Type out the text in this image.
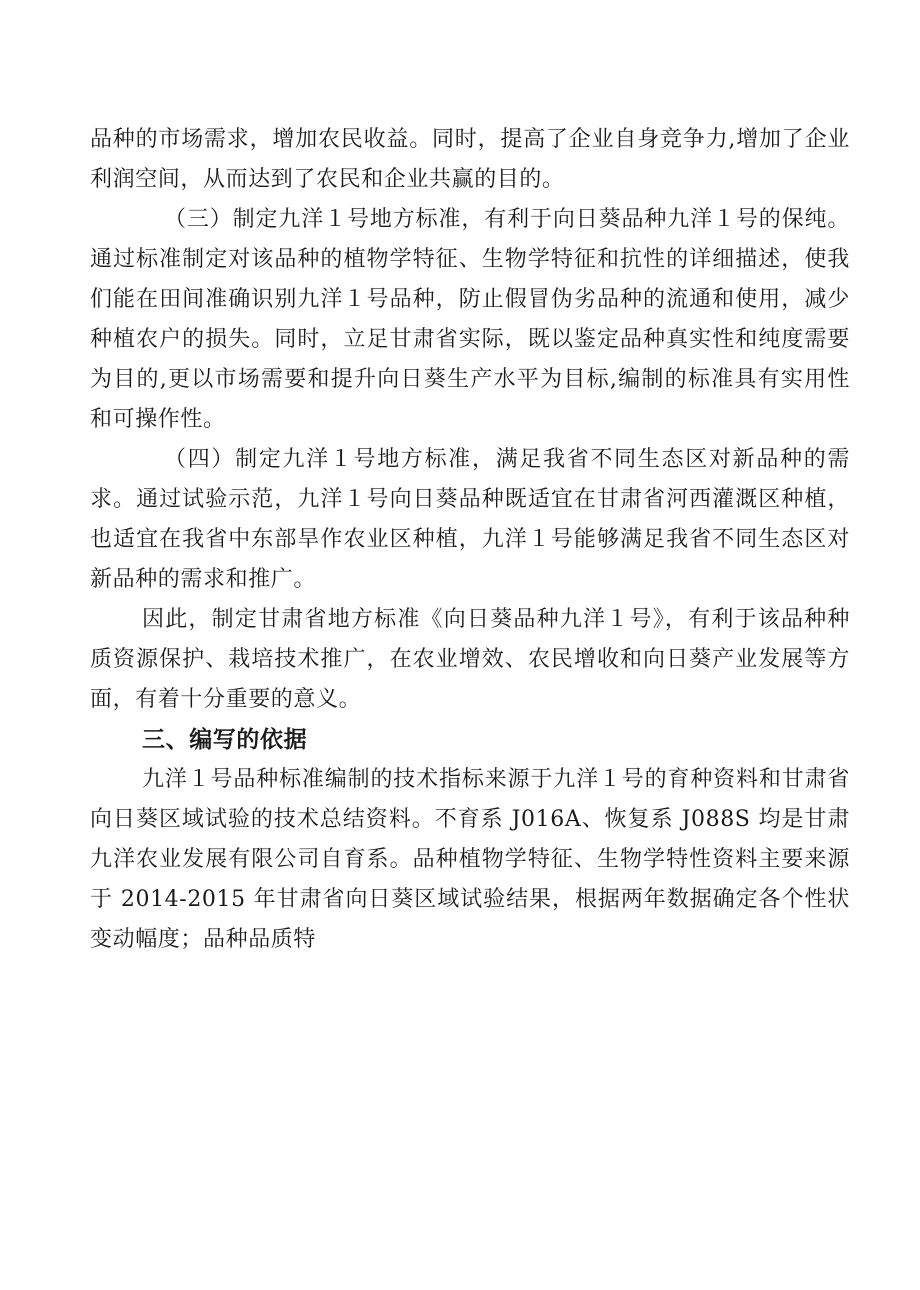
品种的市场需求，增加农民收益。同时，提高了企业自身竞争力,增加了企业利润空间，从而达到了农民和企业共赢的目的。

（三）制定九洋１号地方标准，有利于向日葵品种九洋１号的保纯。通过标准制定对该品种的植物学特征、生物学特征和抗性的详细描述，使我们能在田间准确识别九洋１号品种，防止假冒伪劣品种的流通和使用，减少种植农户的损失。同时，立足甘肃省实际，既以鉴定品种真实性和纯度需要为目的,更以市场需要和提升向日葵生产水平为目标,编制的标准具有实用性和可操作性。

（四）制定九洋１号地方标准，满足我省不同生态区对新品种的需求。通过试验示范，九洋１号向日葵品种既适宜在甘肃省河西灌溉区种植，也适宜在我省中东部旱作农业区种植，九洋１号能够满足我省不同生态区对新品种的需求和推广。

因此，制定甘肃省地方标准《向日葵品种九洋１号》，有利于该品种种质资源保护、栽培技术推广，在农业增效、农民增收和向日葵产业发展等方面，有着十分重要的意义。

三、编写的依据

九洋１号品种标准编制的技术指标来源于九洋１号的育种资料和甘肃省向日葵区域试验的技术总结资料。不育系 J016A、恢复系 J088S 均是甘肃九洋农业发展有限公司自育系。品种植物学特征、生物学特性资料主要来源于 2014-2015 年甘肃省向日葵区域试验结果，根据两年数据确定各个性状变动幅度；品种品质特
